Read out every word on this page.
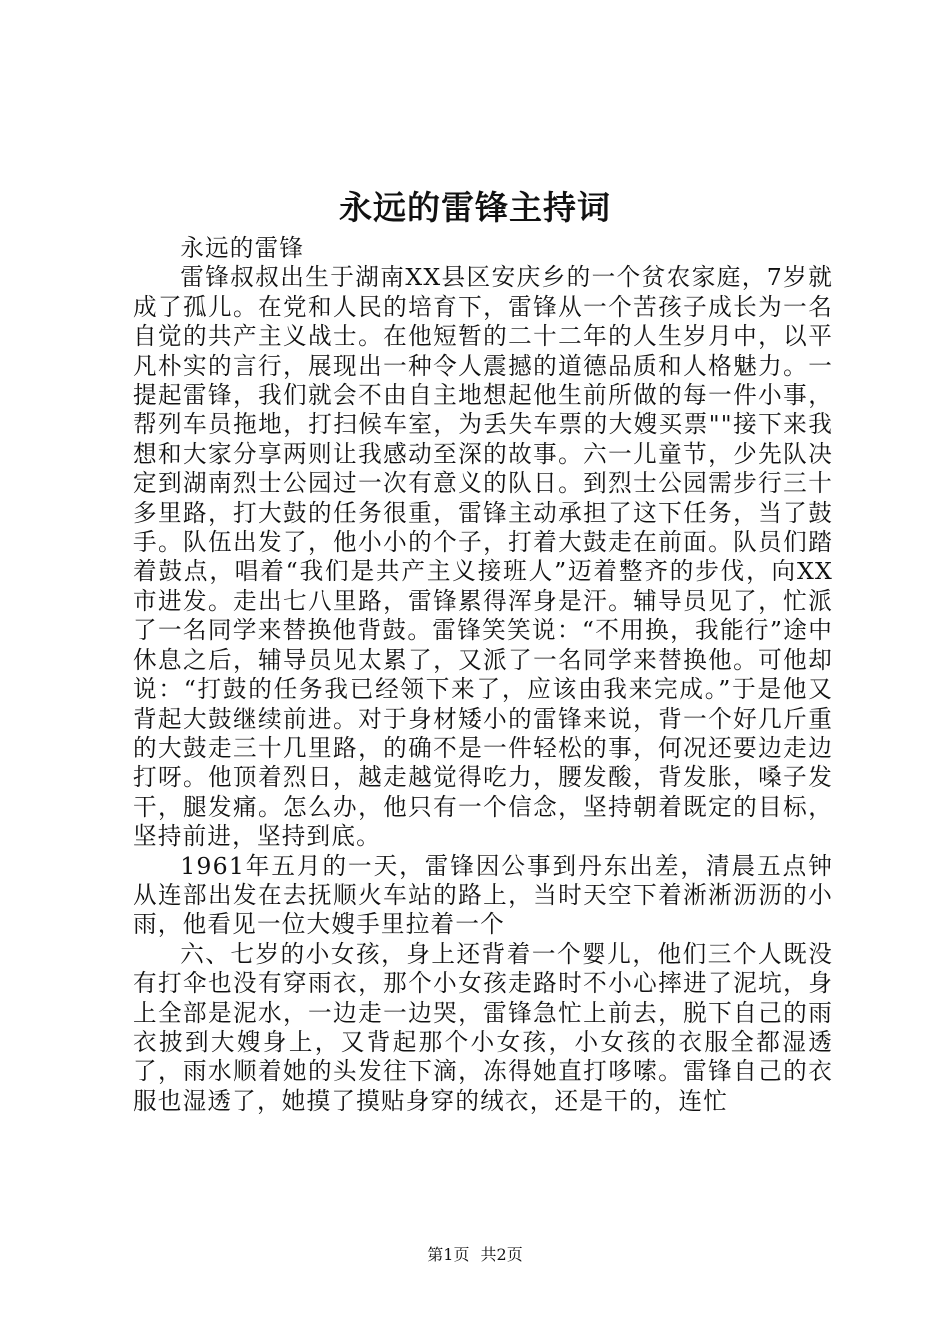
永远的雷锋主持词

永远的雷锋

雷锋叔叔出生于湖南XX县区安庆乡的一个贫农家庭，7岁就成了孤儿。在党和人民的培育下，雷锋从一个苦孩子成长为一名自觉的共产主义战士。在他短暂的二十二年的人生岁月中，以平凡朴实的言行，展现出一种令人震撼的道德品质和人格魅力。一提起雷锋，我们就会不由自主地想起他生前所做的每一件小事，帮列车员拖地，打扫候车室，为丢失车票的大嫂买票""接下来我想和大家分享两则让我感动至深的故事。六一儿童节，少先队决定到湖南烈士公园过一次有意义的队日。到烈士公园需步行三十多里路，打大鼓的任务很重，雷锋主动承担了这下任务，当了鼓手。队伍出发了，他小小的个子，打着大鼓走在前面。队员们踏着鼓点，唱着“我们是共产主义接班人”迈着整齐的步伐，向XX市进发。走出七八里路，雷锋累得浑身是汗。辅导员见了，忙派了一名同学来替换他背鼓。雷锋笑笑说：“不用换，我能行”途中休息之后，辅导员见太累了，又派了一名同学来替换他。可他却说：“打鼓的任务我已经领下来了，应该由我来完成。”于是他又背起大鼓继续前进。对于身材矮小的雷锋来说，背一个好几斤重的大鼓走三十几里路，的确不是一件轻松的事，何况还要边走边打呀。他顶着烈日，越走越觉得吃力，腰发酸，背发胀，嗓子发干，腿发痛。怎么办，他只有一个信念，坚持朝着既定的目标，坚持前进，坚持到底。

1961年五月的一天，雷锋因公事到丹东出差，清晨五点钟从连部出发在去抚顺火车站的路上，当时天空下着淅淅沥沥的小雨，他看见一位大嫂手里拉着一个

六、七岁的小女孩，身上还背着一个婴儿，他们三个人既没有打伞也没有穿雨衣，那个小女孩走路时不小心摔进了泥坑，身上全部是泥水，一边走一边哭，雷锋急忙上前去，脱下自己的雨衣披到大嫂身上，又背起那个小女孩，小女孩的衣服全都湿透了，雨水顺着她的头发往下滴，冻得她直打哆嗦。雷锋自己的衣服也湿透了，她摸了摸贴身穿的绒衣，还是干的，连忙

第1页 共2页
